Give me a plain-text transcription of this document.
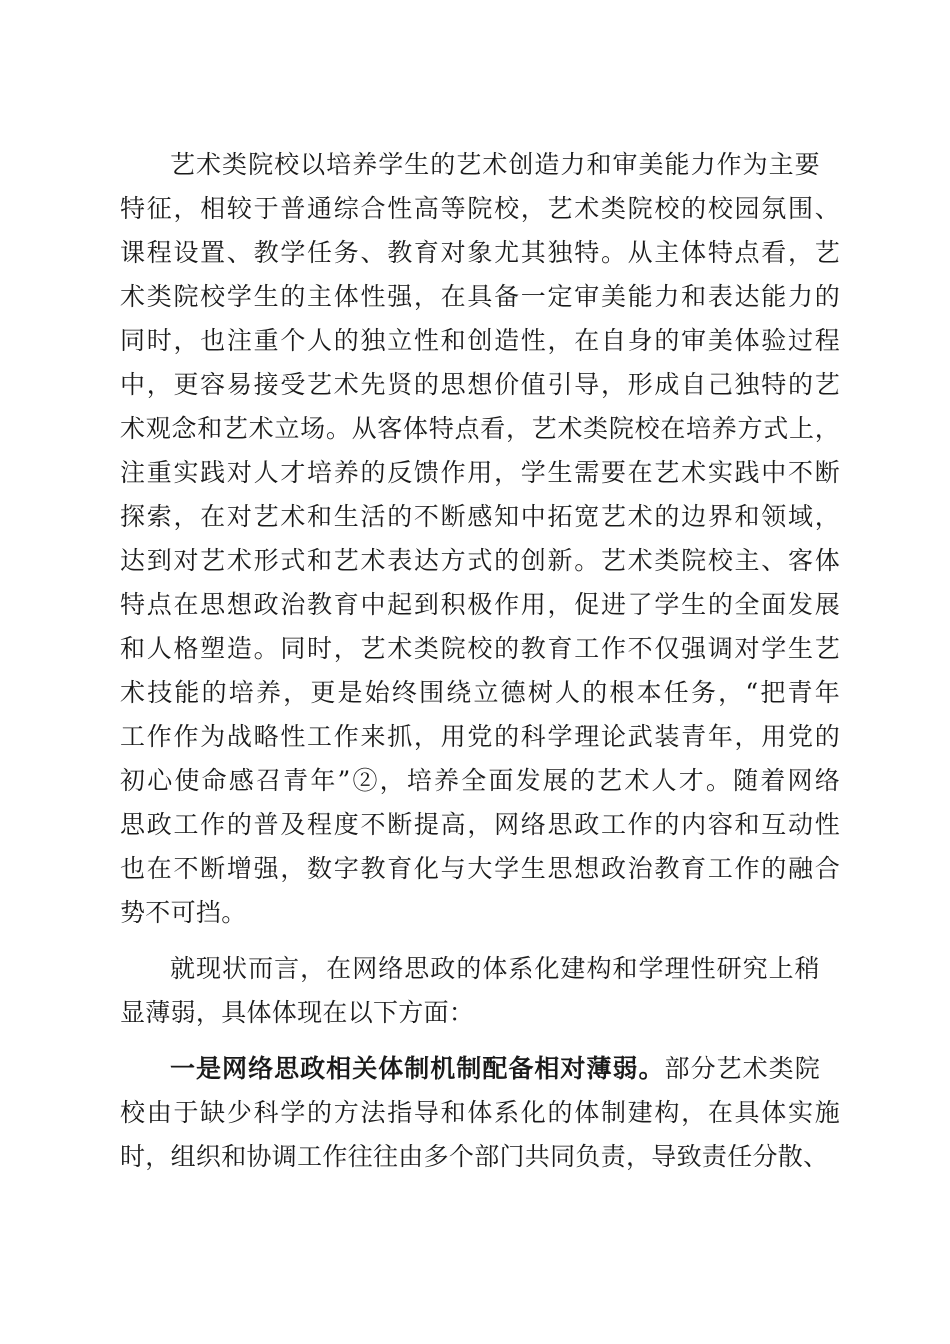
艺术类院校以培养学生的艺术创造力和审美能力作为主要
特征，相较于普通综合性高等院校，艺术类院校的校园氛围、
课程设置、教学任务、教育对象尤其独特。从主体特点看，艺
术类院校学生的主体性强，在具备一定审美能力和表达能力的
同时，也注重个人的独立性和创造性，在自身的审美体验过程
中，更容易接受艺术先贤的思想价值引导，形成自己独特的艺
术观念和艺术立场。从客体特点看，艺术类院校在培养方式上，
注重实践对人才培养的反馈作用，学生需要在艺术实践中不断
探索，在对艺术和生活的不断感知中拓宽艺术的边界和领域，
达到对艺术形式和艺术表达方式的创新。艺术类院校主、客体
特点在思想政治教育中起到积极作用，促进了学生的全面发展
和人格塑造。同时，艺术类院校的教育工作不仅强调对学生艺
术技能的培养，更是始终围绕立德树人的根本任务，“把青年
工作作为战略性工作来抓，用党的科学理论武装青年，用党的
初心使命感召青年”②，培养全面发展的艺术人才。随着网络
思政工作的普及程度不断提高，网络思政工作的内容和互动性
也在不断增强，数字教育化与大学生思想政治教育工作的融合
势不可挡。
就现状而言，在网络思政的体系化建构和学理性研究上稍
显薄弱，具体体现在以下方面：
一是网络思政相关体制机制配备相对薄弱。部分艺术类院
校由于缺少科学的方法指导和体系化的体制建构，在具体实施
时，组织和协调工作往往由多个部门共同负责，导致责任分散、
